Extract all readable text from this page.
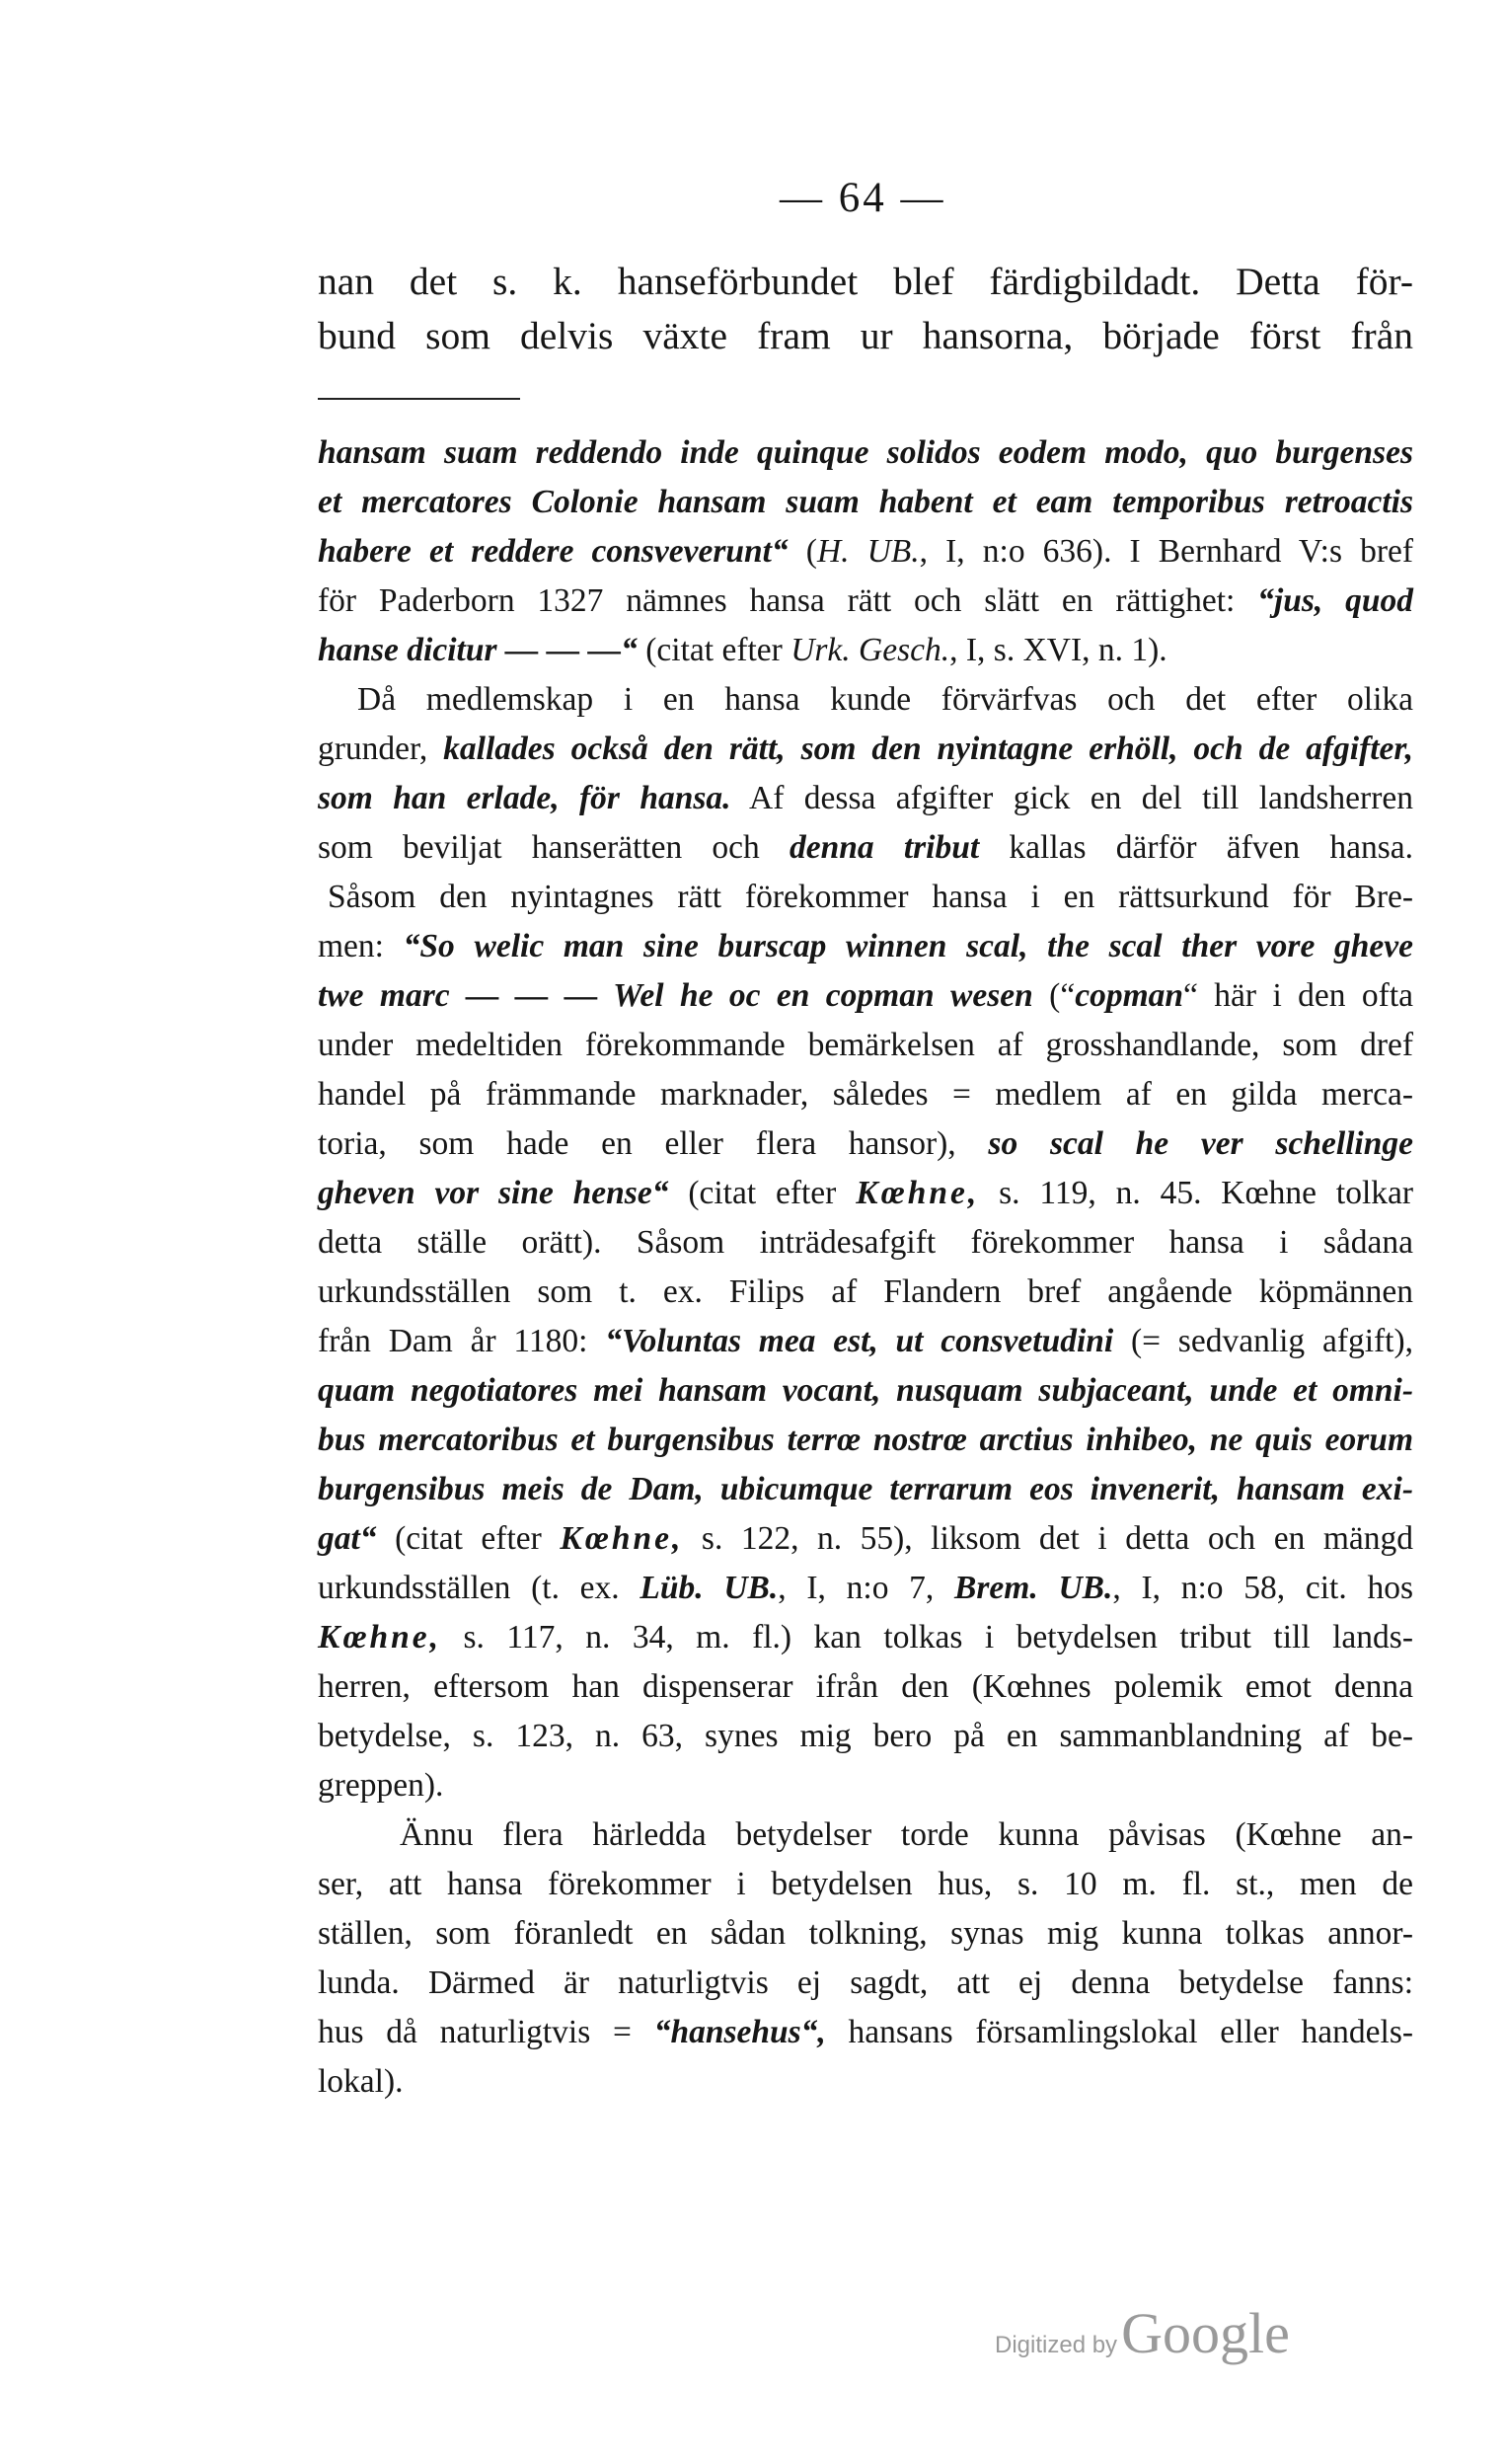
— 64 —
nan det s. k. hanseförbundet blef färdigbildadt. Detta för-
bund som delvis växte fram ur hansorna, började först från
hansam suam reddendo inde quinque solidos eodem modo, quo burgenses
et mercatores Colonie hansam suam habent et eam temporibus retroactis
habere et reddere consveverunt“ (H. UB., I, n:o 636). I Bernhard V:s bref
för Paderborn 1327 nämnes hansa rätt och slätt en rättighet: “jus, quod
hanse dicitur — — —“ (citat efter Urk. Gesch., I, s. XVI, n. 1).
Då medlemskap i en hansa kunde förvärfvas och det efter olika
grunder, kallades också den rätt, som den nyintagne erhöll, och de afgifter,
som han erlade, för hansa. Af dessa afgifter gick en del till landsherren
som beviljat hanserätten och denna tribut kallas därför äfven hansa.
Såsom den nyintagnes rätt förekommer hansa i en rättsurkund för Bre-
men: “So welic man sine burscap winnen scal, the scal ther vore gheve
twe marc — — — Wel he oc en copman wesen (“copman“ här i den ofta
under medeltiden förekommande bemärkelsen af grosshandlande, som dref
handel på främmande marknader, således = medlem af en gilda merca-
toria, som hade en eller flera hansor), so scal he ver schellinge
gheven vor sine hense“ (citat efter Kœhne, s. 119, n. 45. Kœhne tolkar
detta ställe orätt). Såsom inträdesafgift förekommer hansa i sådana
urkundsställen som t. ex. Filips af Flandern bref angående köpmännen
från Dam år 1180: “Voluntas mea est, ut consvetudini (= sedvanlig afgift),
quam negotiatores mei hansam vocant, nusquam subjaceant, unde et omni-
bus mercatoribus et burgensibus terrœ nostrœ arctius inhibeo, ne quis eorum
burgensibus meis de Dam, ubicumque terrarum eos invenerit, hansam exi-
gat“ (citat efter Kœhne, s. 122, n. 55), liksom det i detta och en mängd
urkundsställen (t. ex. Lüb. UB., I, n:o 7, Brem. UB., I, n:o 58, cit. hos
Kœhne, s. 117, n. 34, m. fl.) kan tolkas i betydelsen tribut till lands-
herren, eftersom han dispenserar ifrån den (Kœhnes polemik emot denna
betydelse, s. 123, n. 63, synes mig bero på en sammanblandning af be-
greppen).
Ännu flera härledda betydelser torde kunna påvisas (Kœhne an-
ser, att hansa förekommer i betydelsen hus, s. 10 m. fl. st., men de
ställen, som föranledt en sådan tolkning, synas mig kunna tolkas annor-
lunda. Därmed är naturligtvis ej sagdt, att ej denna betydelse fanns:
hus då naturligtvis = “hansehus“, hansans församlingslokal eller handels-
lokal).
Digitized by Google
